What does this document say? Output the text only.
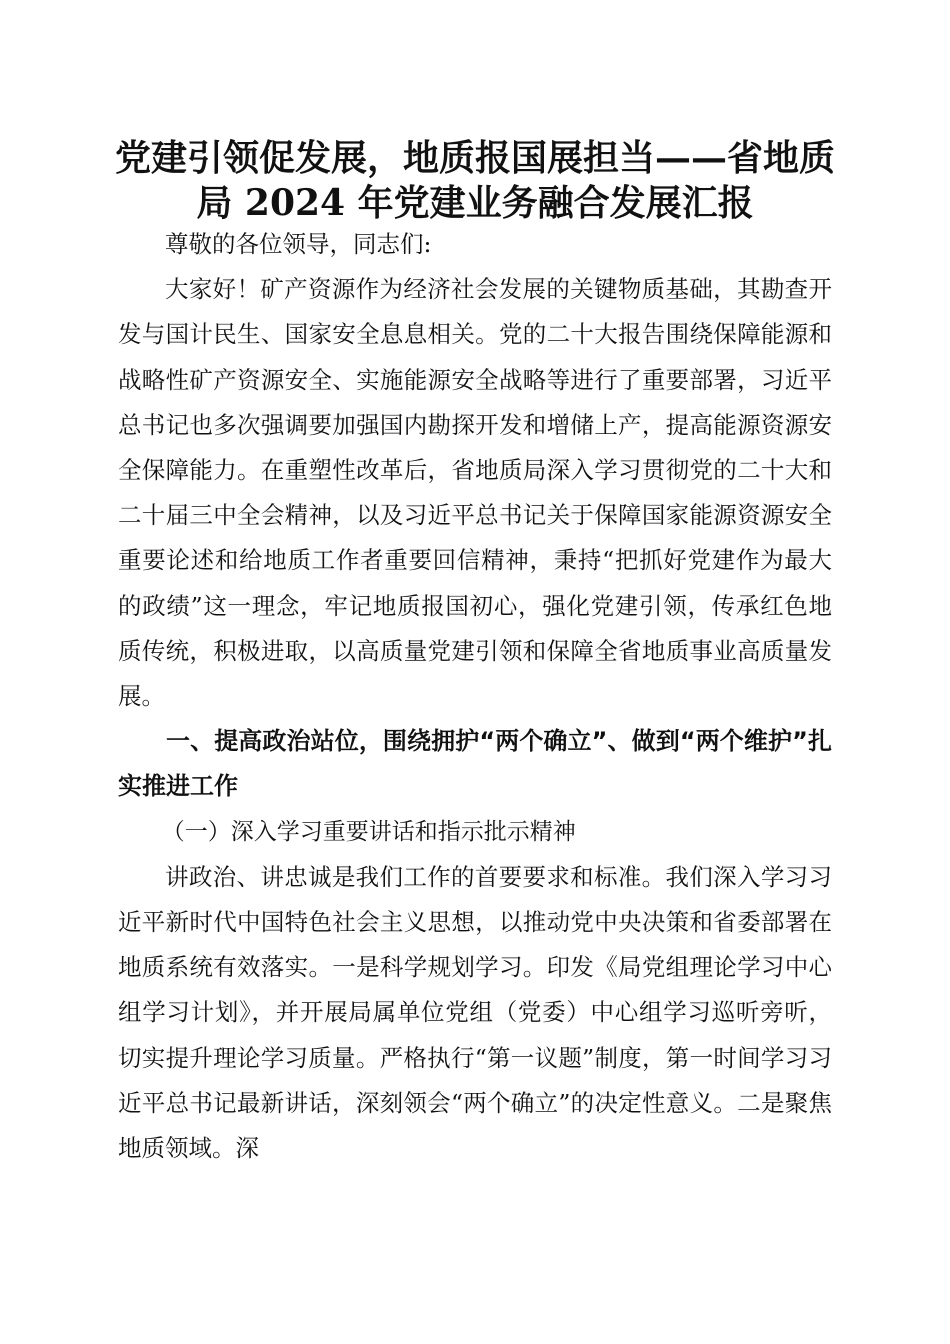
党建引领促发展，地质报国展担当——省地质
局 2024 年党建业务融合发展汇报

尊敬的各位领导，同志们:

大家好！矿产资源作为经济社会发展的关键物质基础，其勘查开发与国计民生、国家安全息息相关。党的二十大报告围绕保障能源和战略性矿产资源安全、实施能源安全战略等进行了重要部署，习近平总书记也多次强调要加强国内勘探开发和增储上产，提高能源资源安全保障能力。在重塑性改革后，省地质局深入学习贯彻党的二十大和二十届三中全会精神，以及习近平总书记关于保障国家能源资源安全重要论述和给地质工作者重要回信精神，秉持“把抓好党建作为最大的政绩”这一理念，牢记地质报国初心，强化党建引领，传承红色地质传统，积极进取，以高质量党建引领和保障全省地质事业高质量发展。

一、提高政治站位，围绕拥护“两个确立”、做到“两个维护”扎实推进工作

（一）深入学习重要讲话和指示批示精神

讲政治、讲忠诚是我们工作的首要要求和标准。我们深入学习习近平新时代中国特色社会主义思想，以推动党中央决策和省委部署在地质系统有效落实。一是科学规划学习。印发《局党组理论学习中心组学习计划》，并开展局属单位党组（党委）中心组学习巡听旁听，切实提升理论学习质量。严格执行“第一议题”制度，第一时间学习习近平总书记最新讲话，深刻领会“两个确立”的决定性意义。二是聚焦地质领域。深
